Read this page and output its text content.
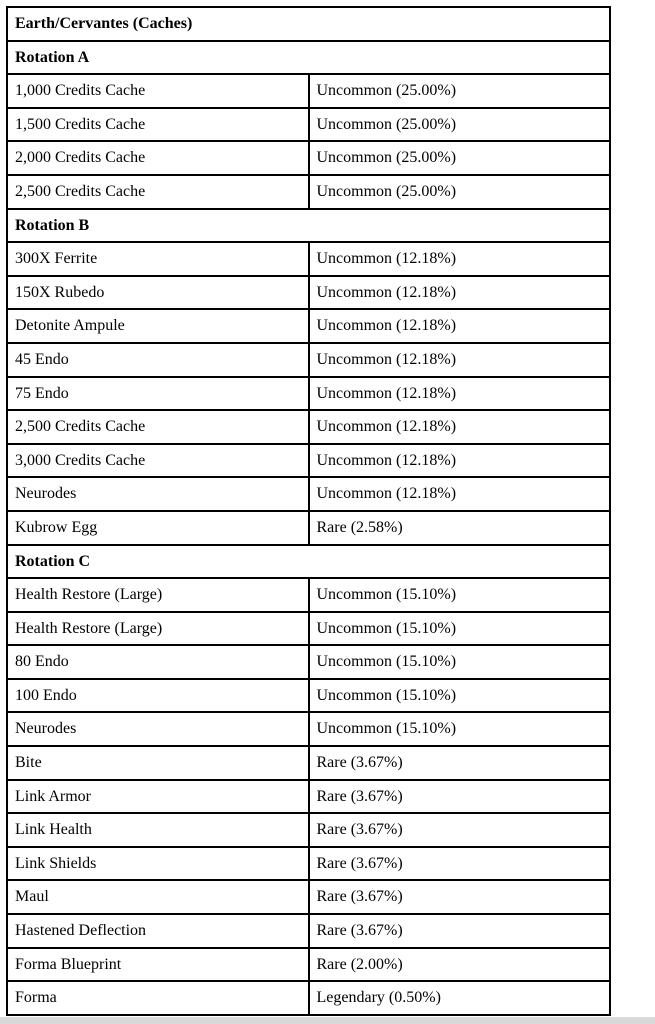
Earth/Cervantes (Caches)	
Rotation A	
1,000 Credits Cache	Uncommon (25.00%)
1,500 Credits Cache	Uncommon (25.00%)
2,000 Credits Cache	Uncommon (25.00%)
2,500 Credits Cache	Uncommon (25.00%)
Rotation B	
300X Ferrite	Uncommon (12.18%)
150X Rubedo	Uncommon (12.18%)
Detonite Ampule	Uncommon (12.18%)
45 Endo	Uncommon (12.18%)
75 Endo	Uncommon (12.18%)
2,500 Credits Cache	Uncommon (12.18%)
3,000 Credits Cache	Uncommon (12.18%)
Neurodes	Uncommon (12.18%)
Kubrow Egg	Rare (2.58%)
Rotation C	
Health Restore (Large)	Uncommon (15.10%)
Health Restore (Large)	Uncommon (15.10%)
80 Endo	Uncommon (15.10%)
100 Endo	Uncommon (15.10%)
Neurodes	Uncommon (15.10%)
Bite	Rare (3.67%)
Link Armor	Rare (3.67%)
Link Health	Rare (3.67%)
Link Shields	Rare (3.67%)
Maul	Rare (3.67%)
Hastened Deflection	Rare (3.67%)
Forma Blueprint	Rare (2.00%)
Forma	Legendary (0.50%)
